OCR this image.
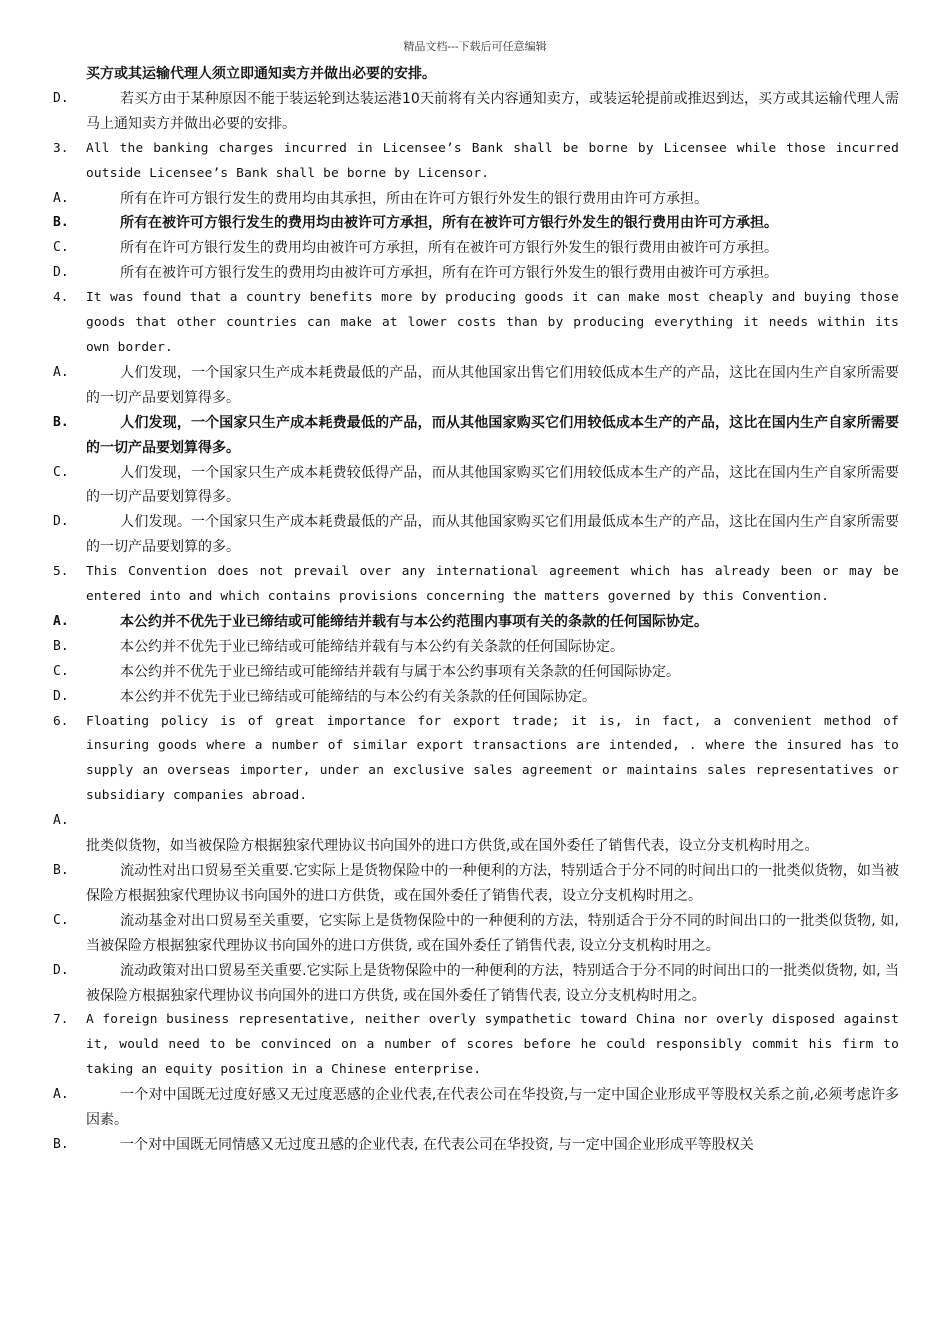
精品文档---下载后可任意编辑
买方或其运输代理人须立即通知卖方并做出必要的安排。
D.	若买方由于某种原因不能于装运轮到达装运港10天前将有关内容通知卖方，或装运轮提前或推迟到达，买方或其运输代理人需马上通知卖方并做出必要的安排。
3.	All the banking charges incurred in Licensee’s Bank shall be borne by Licensee while those incurred outside Licensee’s Bank shall be borne by Licensor.
A.	所有在许可方银行发生的费用均由其承担，所由在许可方银行外发生的银行费用由许可方承担。
B.	所有在被许可方银行发生的费用均由被许可方承担，所有在被许可方银行外发生的银行费用由许可方承担。
C.	所有在许可方银行发生的费用均由被许可方承担，所有在被许可方银行外发生的银行费用由被许可方承担。
D.	所有在被许可方银行发生的费用均由被许可方承担，所有在许可方银行外发生的银行费用由被许可方承担。
4.	It was found that a country benefits more by producing goods it can make most cheaply and buying those goods that other countries can make at lower costs than by producing everything it needs within its own border.
A.	人们发现，一个国家只生产成本耗费最低的产品，而从其他国家出售它们用较低成本生产的产品，这比在国内生产自家所需要的一切产品要划算得多。
B.	人们发现，一个国家只生产成本耗费最低的产品，而从其他国家购买它们用较低成本生产的产品，这比在国内生产自家所需要的一切产品要划算得多。
C.	人们发现，一个国家只生产成本耗费较低得产品，而从其他国家购买它们用较低成本生产的产品，这比在国内生产自家所需要的一切产品要划算得多。
D.	人们发现。一个国家只生产成本耗费最低的产品，而从其他国家购买它们用最低成本生产的产品，这比在国内生产自家所需要的一切产品要划算的多。
5.	This Convention does not prevail over any international agreement which has already been or may be entered into and which contains provisions concerning the matters governed by this Convention.
A.	本公约并不优先于业已缔结或可能缔结并载有与本公约范围内事项有关的条款的任何国际协定。
B.	本公约并不优先于业已缔结或可能缔结并载有与本公约有关条款的任何国际协定。
C.	本公约并不优先于业已缔结或可能缔结并载有与属于本公约事项有关条款的任何国际协定。
D.	本公约并不优先于业已缔结或可能缔结的与本公约有关条款的任何国际协定。
6.	Floating policy is of great importance for export trade; it is, in fact, a convenient method of insuring goods where a number of similar export transactions are intended, . where the insured has to supply an overseas importer, under an exclusive sales agreement or maintains sales representatives or subsidiary companies abroad.
A.
批类似货物，如当被保险方根据独家代理协议书向国外的进口方供货,或在国外委任了销售代表，设立分支机构时用之。
B.	流动性对出口贸易至关重要.它实际上是货物保险中的一种便利的方法，特别适合于分不同的时间出口的一批类似货物，如当被保险方根据独家代理协议书向国外的进口方供货，或在国外委任了销售代表，设立分支机构时用之。
C.	流动基金对出口贸易至关重要，它实际上是货物保险中的一种便利的方法，特别适合于分不同的时间出口的一批类似货物, 如, 当被保险方根据独家代理协议书向国外的进口方供货, 或在国外委任了销售代表, 设立分支机构时用之。
D.	流动政策对出口贸易至关重要.它实际上是货物保险中的一种便利的方法，特别适合于分不同的时间出口的一批类似货物, 如, 当被保险方根据独家代理协议书向国外的进口方供货, 或在国外委任了销售代表, 设立分支机构时用之。
7.	A foreign business representative, neither overly sympathetic toward China nor overly disposed against it, would need to be convinced on a number of scores before he could responsibly commit his firm to taking an equity position in a Chinese enterprise.
A.	一个对中国既无过度好感又无过度恶感的企业代表,在代表公司在华投资,与一定中国企业形成平等股权关系之前,必须考虑许多因素。
B.	一个对中国既无同情感又无过度丑感的企业代表, 在代表公司在华投资, 与一定中国企业形成平等股权关
